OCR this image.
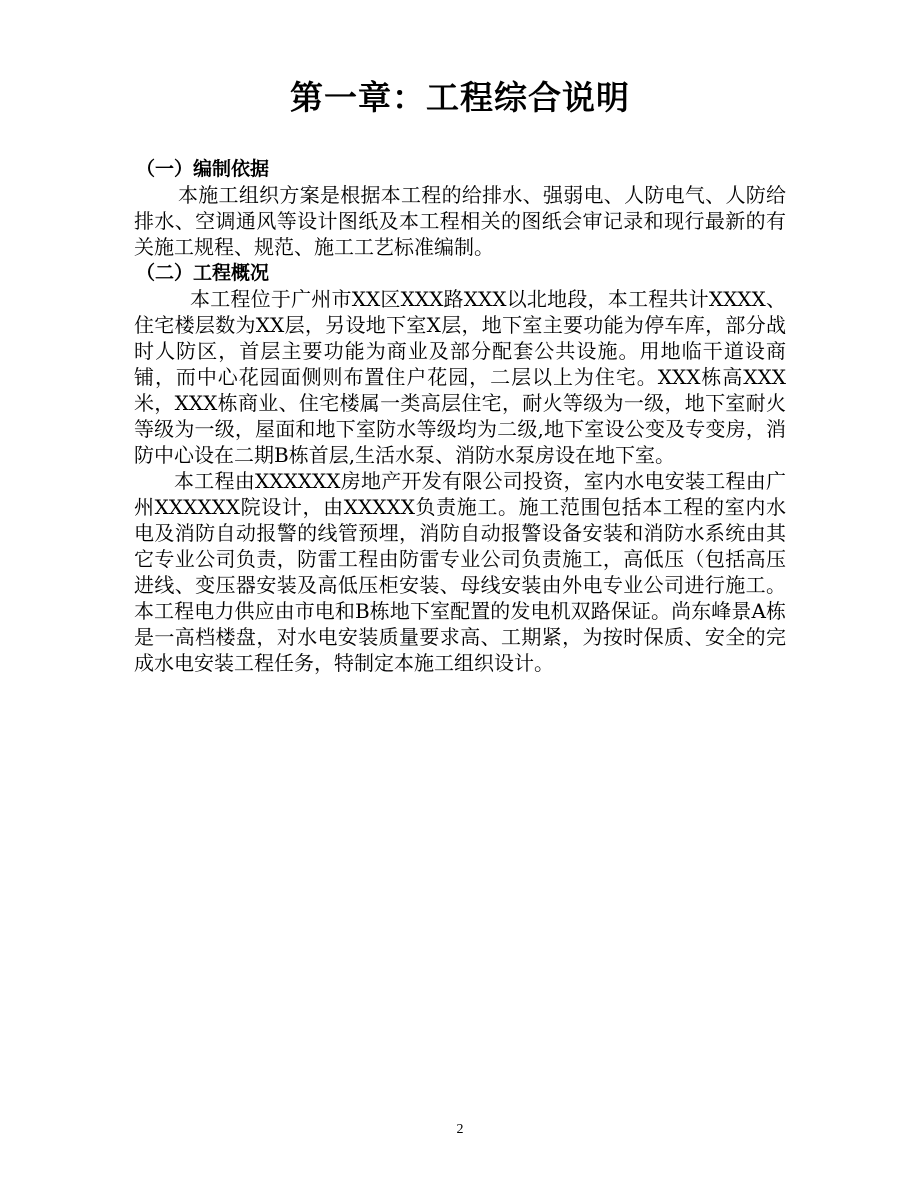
第一章：工程综合说明
（一）编制依据

本施工组织方案是根据本工程的给排水、强弱电、人防电气、人防给排水、空调通风等设计图纸及本工程相关的图纸会审记录和现行最新的有关施工规程、规范、施工工艺标准编制。

（二）工程概况

本工程位于广州市XX区XXX路XXX以北地段，本工程共计XXXX、住宅楼层数为XX层，另设地下室X层，地下室主要功能为停车库，部分战时人防区，首层主要功能为商业及部分配套公共设施。用地临干道设商铺，而中心花园面侧则布置住户花园，二层以上为住宅。XXX栋高XXX米，XXX栋商业、住宅楼属一类高层住宅，耐火等级为一级，地下室耐火等级为一级，屋面和地下室防水等级均为二级,地下室设公变及专变房，消防中心设在二期B栋首层,生活水泵、消防水泵房设在地下室。

本工程由XXXXXX房地产开发有限公司投资，室内水电安装工程由广州XXXXXX院设计，由XXXXX负责施工。施工范围包括本工程的室内水电及消防自动报警的线管预埋，消防自动报警设备安装和消防水系统由其它专业公司负责，防雷工程由防雷专业公司负责施工，高低压（包括高压进线、变压器安装及高低压柜安装、母线安装由外电专业公司进行施工。本工程电力供应由市电和B栋地下室配置的发电机双路保证。尚东峰景A栋是一高档楼盘，对水电安装质量要求高、工期紧，为按时保质、安全的完成水电安装工程任务，特制定本施工组织设计。

2
